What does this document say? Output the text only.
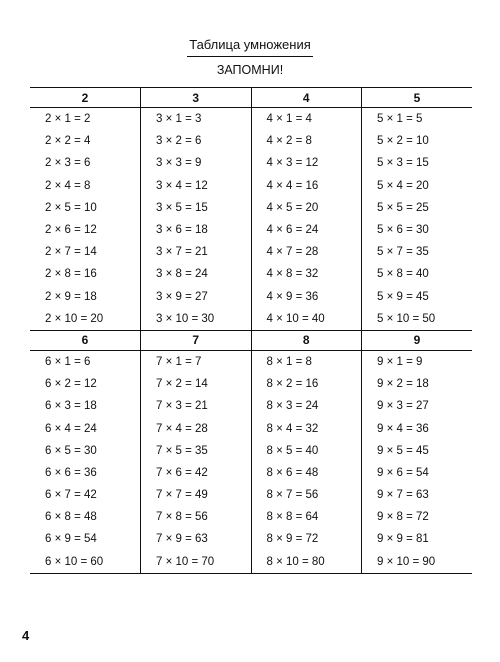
Таблица умножения
ЗАПОМНИ!
2	3	4	5
2 × 1 = 2	3 × 1 = 3	4 × 1 = 4	5 × 1 = 5
2 × 2 = 4	3 × 2 = 6	4 × 2 = 8	5 × 2 = 10
2 × 3 = 6	3 × 3 = 9	4 × 3 = 12	5 × 3 = 15
2 × 4 = 8	3 × 4 = 12	4 × 4 = 16	5 × 4 = 20
2 × 5 = 10	3 × 5 = 15	4 × 5 = 20	5 × 5 = 25
2 × 6 = 12	3 × 6 = 18	4 × 6 = 24	5 × 6 = 30
2 × 7 = 14	3 × 7 = 21	4 × 7 = 28	5 × 7 = 35
2 × 8 = 16	3 × 8 = 24	4 × 8 = 32	5 × 8 = 40
2 × 9 = 18	3 × 9 = 27	4 × 9 = 36	5 × 9 = 45
2 × 10 = 20	3 × 10 = 30	4 × 10 = 40	5 × 10 = 50
6	7	8	9
6 × 1 = 6	7 × 1 = 7	8 × 1 = 8	9 × 1 = 9
6 × 2 = 12	7 × 2 = 14	8 × 2 = 16	9 × 2 = 18
6 × 3 = 18	7 × 3 = 21	8 × 3 = 24	9 × 3 = 27
6 × 4 = 24	7 × 4 = 28	8 × 4 = 32	9 × 4 = 36
6 × 5 = 30	7 × 5 = 35	8 × 5 = 40	9 × 5 = 45
6 × 6 = 36	7 × 6 = 42	8 × 6 = 48	9 × 6 = 54
6 × 7 = 42	7 × 7 = 49	8 × 7 = 56	9 × 7 = 63
6 × 8 = 48	7 × 8 = 56	8 × 8 = 64	9 × 8 = 72
6 × 9 = 54	7 × 9 = 63	8 × 9 = 72	9 × 9 = 81
6 × 10 = 60	7 × 10 = 70	8 × 10 = 80	9 × 10 = 90
4
